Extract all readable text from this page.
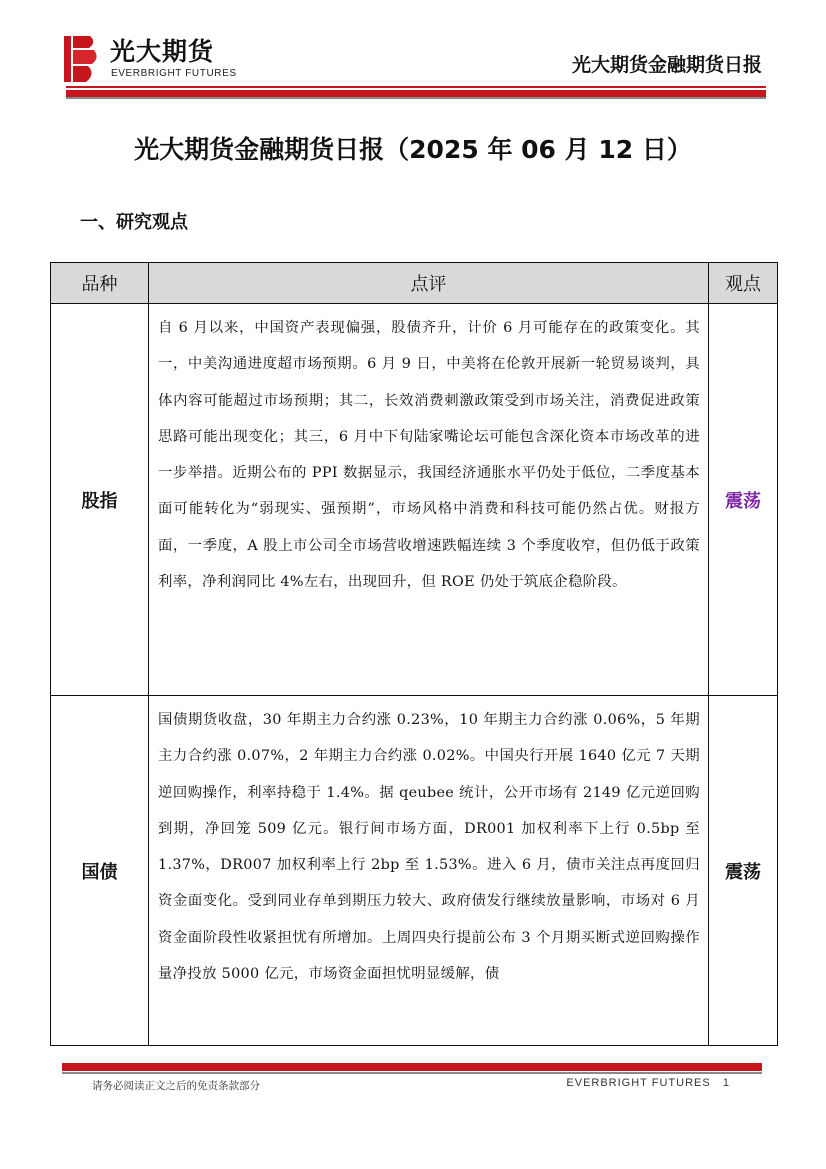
光大期货
EVERBRIGHT FUTURES	光大期货金融期货日报
光大期货金融期货日报（2025 年 06 月 12 日）
一、研究观点
品种	点评	观点
股指	自 6 月以来，中国资产表现偏强，股债齐升，计价 6 月可能存在的政策变化。其一，中美沟通进度超市场预期。6 月 9 日，中美将在伦敦开展新一轮贸易谈判，具体内容可能超过市场预期；其二，长效消费刺激政策受到市场关注，消费促进政策思路可能出现变化；其三，6 月中下旬陆家嘴论坛可能包含深化资本市场改革的进一步举措。近期公布的 PPI 数据显示，我国经济通胀水平仍处于低位，二季度基本面可能转化为“弱现实、强预期”，市场风格中消费和科技可能仍然占优。财报方面，一季度，A 股上市公司全市场营收增速跌幅连续 3 个季度收窄，但仍低于政策利率，净利润同比 4%左右，出现回升，但 ROE 仍处于筑底企稳阶段。	震荡
国债	国债期货收盘，30 年期主力合约涨 0.23%，10 年期主力合约涨 0.06%，5 年期主力合约涨 0.07%，2 年期主力合约涨 0.02%。中国央行开展 1640 亿元 7 天期逆回购操作，利率持稳于 1.4%。据 qeubee 统计，公开市场有 2149 亿元逆回购到期，净回笼 509 亿元。银行间市场方面，DR001 加权利率下上行 0.5bp 至 1.37%，DR007 加权利率上行 2bp 至 1.53%。进入 6 月，债市关注点再度回归资金面变化。受到同业存单到期压力较大、政府债发行继续放量影响，市场对 6 月资金面阶段性收紧担忧有所增加。上周四央行提前公布 3 个月期买断式逆回购操作量净投放 5000 亿元，市场资金面担忧明显缓解，债	震荡
请务必阅读正文之后的免责条款部分	EVERBRIGHT FUTURES 1
